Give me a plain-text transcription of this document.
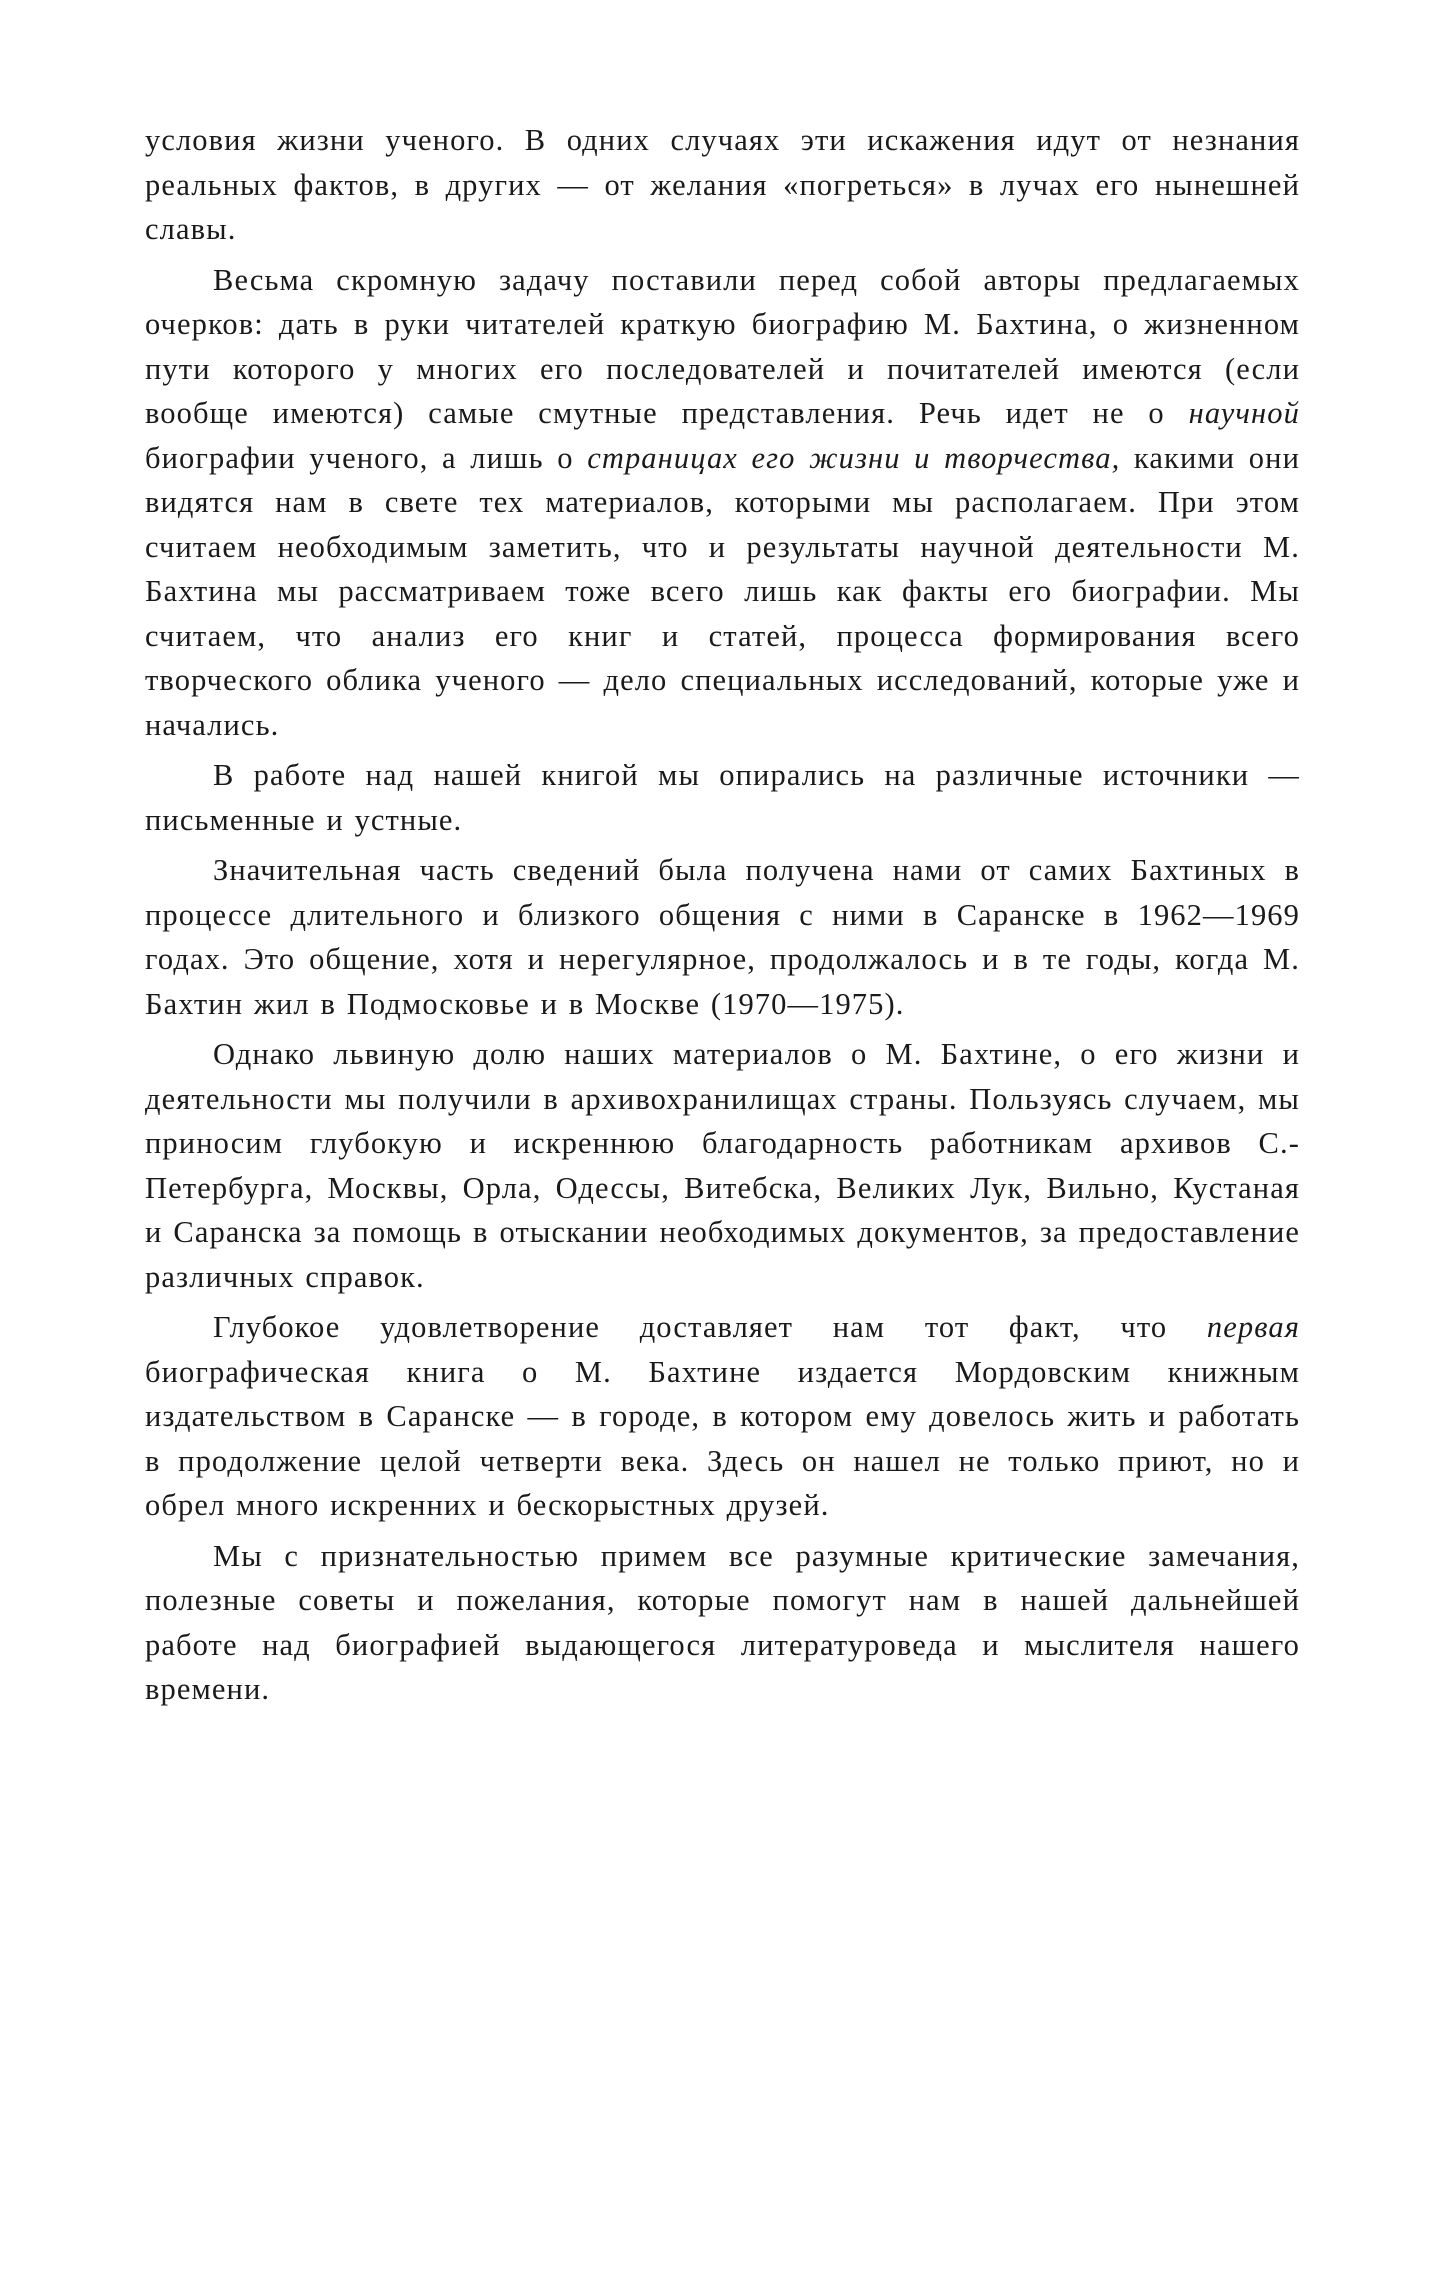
условия жизни ученого. В одних случаях эти искажения идут от незнания реальных фактов, в других — от желания «погреться» в лучах его нынешней славы.

Весьма скромную задачу поставили перед собой авторы предлагаемых очерков: дать в руки читателей краткую биографию М. Бахтина, о жизненном пути которого у многих его последователей и почитателей имеются (если вообще имеются) самые смутные представления. Речь идет не о научной биографии ученого, а лишь о страницах его жизни и творчества, какими они видятся нам в свете тех материалов, которыми мы располагаем. При этом считаем необходимым заметить, что и результаты научной деятельности М. Бахтина мы рассматриваем тоже всего лишь как факты его биографии. Мы считаем, что анализ его книг и статей, процесса формирования всего творческого облика ученого — дело специальных исследований, которые уже и начались.

В работе над нашей книгой мы опирались на различные источники — письменные и устные.

Значительная часть сведений была получена нами от самих Бахтиных в процессе длительного и близкого общения с ними в Саранске в 1962—1969 годах. Это общение, хотя и нерегулярное, продолжалось и в те годы, когда М. Бахтин жил в Подмосковье и в Москве (1970—1975).

Однако львиную долю наших материалов о М. Бахтине, о его жизни и деятельности мы получили в архивохранилищах страны. Пользуясь случаем, мы приносим глубокую и искреннюю благодарность работникам архивов С.-Петербурга, Москвы, Орла, Одессы, Витебска, Великих Лук, Вильно, Кустаная и Саранска за помощь в отыскании необходимых документов, за предоставление различных справок.

Глубокое удовлетворение доставляет нам тот факт, что первая биографическая книга о М. Бахтине издается Мордовским книжным издательством в Саранске — в городе, в котором ему довелось жить и работать в продолжение целой четверти века. Здесь он нашел не только приют, но и обрел много искренних и бескорыстных друзей.

Мы с признательностью примем все разумные критические замечания, полезные советы и пожелания, которые помогут нам в нашей дальнейшей работе над биографией выдающегося литературоведа и мыслителя нашего времени.
